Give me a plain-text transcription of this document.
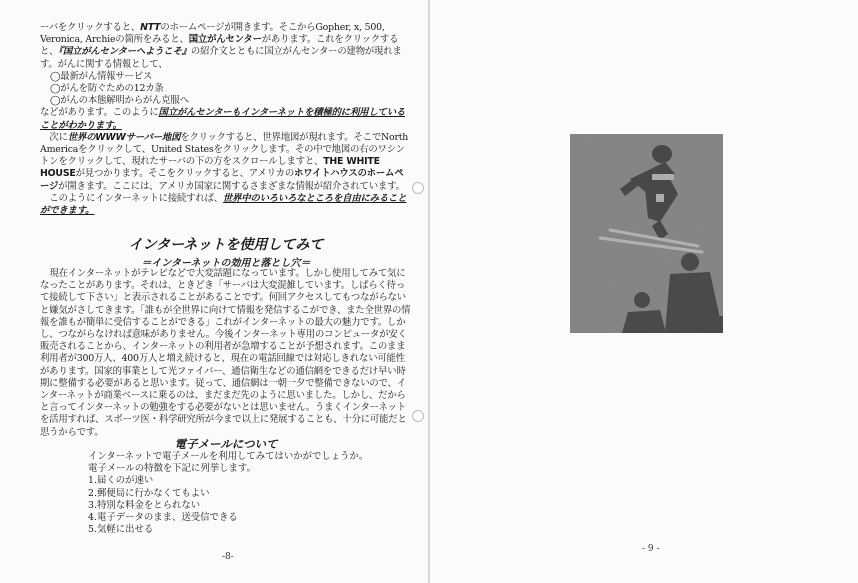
ーバをクリックすると、NTTのホームページが開きます。そこからGopher, x, 500, Veronica, Archieの箇所をみると、国立がんセンターがあります。これをクリックすると、『国立がんセンターへようこそ』の紹介文とともに国立がんセンターの建物が現れます。がんに関する情報として、

◯最新がん情報サービス

◯がんを防ぐための12カ条

◯がんの本態解明からがん克服へ

などがあります。このように国立がんセンターもインターネットを積極的に利用していることがわかります。

次に世界のWWWサーバー地図をクリックすると、世界地図が現れます。そこでNorth Americaをクリックして、United Statesをクリックします。その中で地図の右のワシントンをクリックして、現れたサーバの下の方をスクロールしますと、THE WHITE HOUSEが見つかります。そこをクリックすると、アメリカのホワイトハウスのホームページが開きます。ここには、アメリカ国家に関するさまざまな情報が紹介されています。

このようにインターネットに接続すれば、世界中のいろいろなところを自由にみることができます。

インターネットを使用してみて
＝インターネットの効用と落とし穴＝

現在インターネットがテレビなどで大変話題になっています。しかし使用してみて気になったことがあります。それは、ときどき「サーバは大変混雑しています。しばらく待って接続して下さい」と表示されることがあることです。何回アクセスしてもつながらないと嫌気がさしてきます。「誰もが全世界に向けて情報を発信するこができ、また全世界の情報を誰もが簡単に受信することができる」これがインターネットの最大の魅力です。しかし、つながらなければ意味がありません。今後インターネット専用のコンピュータが安く販売されることから、インターネットの利用者が急増することが予想されます。このまま利用者が300万人、400万人と増え続けると、現在の電話回線では対応しきれない可能性があります。国家的事業として光ファイバー、通信衛生などの通信網をできるだけ早い時期に整備する必要があると思います。従って、通信網は一朝一夕で整備できないので、インターネットが商業ベースに乗るのは、まだまだ先のように思いました。しかし、だからと言ってインターネットの勉強をする必要がないとは思いません。うまくインターネットを活用すれば、スポーツ医・科学研究所が今まで以上に発展することも、十分に可能だと思うからです。

電子メールについて

インターネットで電子メールを利用してみてはいかがでしょうか。

電子メールの特徴を下記に列挙します。

1.届くのが速い

2.郵便局に行かなくてもよい

3.特別な料金をとられない

4.電子データのまま、送受信できる

5.気軽に出せる

-8-
- 9 -
